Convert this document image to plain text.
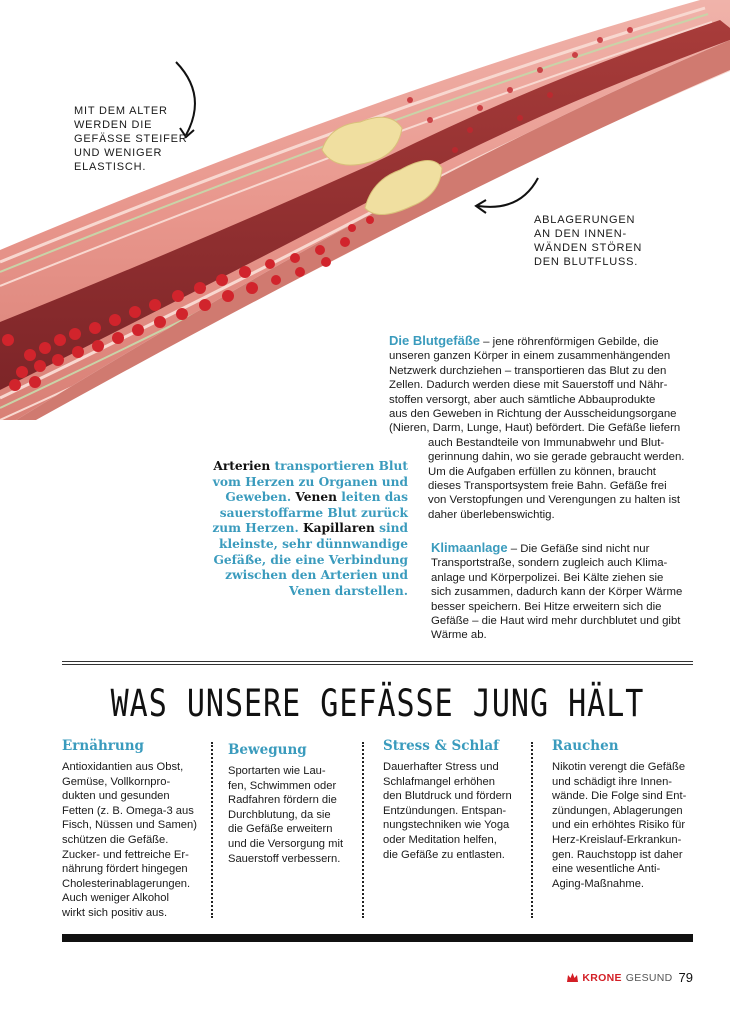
MIT DEM ALTER
WERDEN DIE
GEFÄSSE STEIFER
UND WENIGER
ELASTISCH.
ABLAGERUNGEN
AN DEN INNEN-
WÄNDEN STÖREN
DEN BLUTFLUSS.
Die Blutgefäße – jene röhrenförmigen Gebilde, die
unseren ganzen Körper in einem zusammenhängenden
Netzwerk durchziehen – transportieren das Blut zu den
Zellen. Dadurch werden diese mit Sauerstoff und Nähr-
stoffen versorgt, aber auch sämtliche Abbauprodukte
aus den Geweben in Richtung der Ausscheidungsorgane
(Nieren, Darm, Lunge, Haut) befördert. Die Gefäße liefern
auch Bestandteile von Immunabwehr und Blut-
gerinnung dahin, wo sie gerade gebraucht werden.
Um die Aufgaben erfüllen zu können, braucht
dieses Transportsystem freie Bahn. Gefäße frei
von Verstopfungen und Verengungen zu halten ist
daher überlebenswichtig.
Klimaanlage – Die Gefäße sind nicht nur
Transportstraße, sondern zugleich auch Klima-
anlage und Körperpolizei. Bei Kälte ziehen sie
sich zusammen, dadurch kann der Körper Wärme
besser speichern. Bei Hitze erweitern sich die
Gefäße – die Haut wird mehr durchblutet und gibt
Wärme ab.
Arterien transportieren Blut
vom Herzen zu Organen und
Geweben. Venen leiten das
sauerstoffarme Blut zurück
zum Herzen. Kapillaren sind
kleinste, sehr dünnwandige
Gefäße, die eine Verbindung
zwischen den Arterien und
Venen darstellen.
WAS UNSERE GEFÄSSE JUNG HÄLT
Ernährung

Antioxidantien aus Obst,
Gemüse, Vollkornpro-
dukten und gesunden
Fetten (z. B. Omega-3 aus
Fisch, Nüssen und Samen)
schützen die Gefäße.
Zucker- und fettreiche Er-
nährung fördert hingegen
Cholesterinablagerungen.
Auch weniger Alkohol
wirkt sich positiv aus.

Bewegung

Sportarten wie Lau-
fen, Schwimmen oder
Radfahren fördern die
Durchblutung, da sie
die Gefäße erweitern
und die Versorgung mit
Sauerstoff verbessern.

Stress & Schlaf

Dauerhafter Stress und
Schlafmangel erhöhen
den Blutdruck und fördern
Entzündungen. Entspan-
nungstechniken wie Yoga
oder Meditation helfen,
die Gefäße zu entlasten.

Rauchen

Nikotin verengt die Gefäße
und schädigt ihre Innen-
wände. Die Folge sind Ent-
zündungen, Ablagerungen
und ein erhöhtes Risiko für
Herz-Kreislauf-Erkrankun-
gen. Rauchstopp ist daher
eine wesentliche Anti-
Aging-Maßnahme.

KRONE GESUND 79
